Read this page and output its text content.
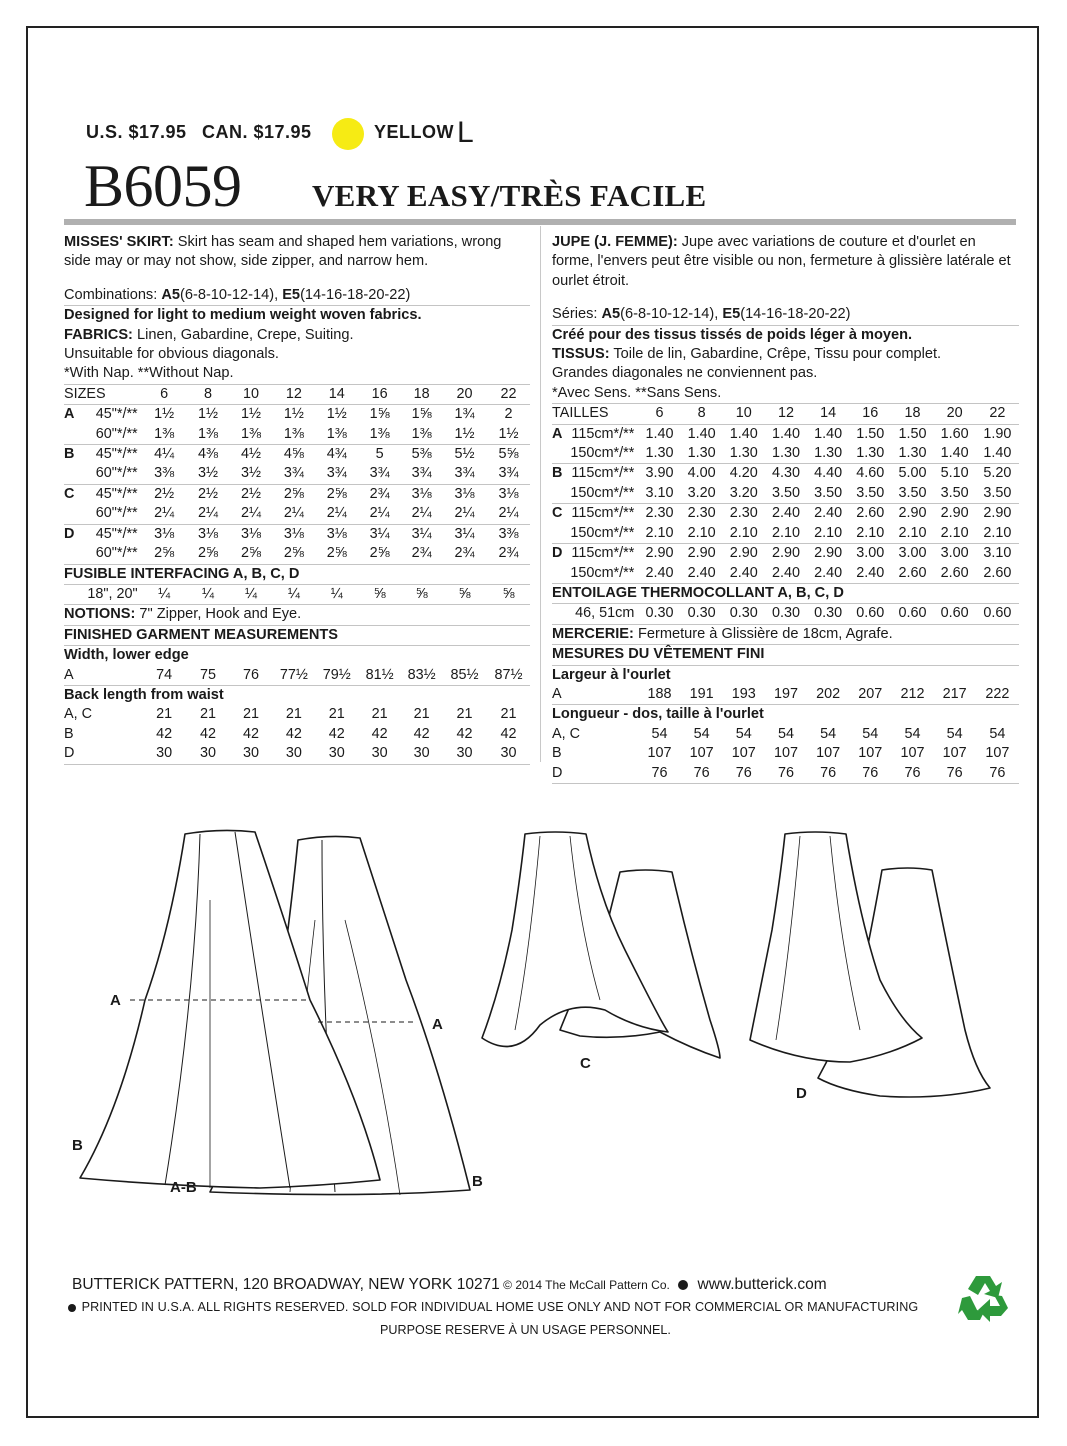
U.S. $17.95 CAN. $17.95	YELLOW L
B6059 VERY EASY/TRÈS FACILE

MISSES' SKIRT: Skirt has seam and shaped hem variations, wrong side may or may not show, side zipper, and narrow hem.

Combinations: A5(6-8-10-12-14), E5(14-16-18-20-22)

Designed for light to medium weight woven fabrics.

FABRICS: Linen, Gabardine, Crepe, Suiting.

Unsuitable for obvious diagonals.

*With Nap. **Without Nap.

SIZES		6	8	10	12	14	16	18	20	22
A	45"*/**	1½	1½	1½	1½	1½	1⅝	1⅝	1¾	2
	60"*/**	1⅜	1⅜	1⅜	1⅜	1⅜	1⅜	1⅜	1½	1½
B	45"*/**	4¼	4⅜	4½	4⅝	4¾	5	5⅜	5½	5⅝
	60"*/**	3⅜	3½	3½	3¾	3¾	3¾	3¾	3¾	3¾
C	45"*/**	2½	2½	2½	2⅝	2⅝	2¾	3⅛	3⅛	3⅛
	60"*/**	2¼	2¼	2¼	2¼	2¼	2¼	2¼	2¼	2¼
D	45"*/**	3⅛	3⅛	3⅛	3⅛	3⅛	3¼	3¼	3¼	3⅜
	60"*/**	2⅝	2⅝	2⅝	2⅝	2⅝	2⅝	2¾	2¾	2¾

FUSIBLE INTERFACING A, B, C, D

18", 20"	¼	¼	¼	¼	¼	⅝	⅝	⅝	⅝

NOTIONS: 7" Zipper, Hook and Eye.

FINISHED GARMENT MEASUREMENTS

Width, lower edge

A	74	75	76	77½	79½	81½	83½	85½	87½

Back length from waist

A, C	21	21	21	21	21	21	21	21	21
B	42	42	42	42	42	42	42	42	42
D	30	30	30	30	30	30	30	30	30

JUPE (J. FEMME): Jupe avec variations de couture et d'ourlet en forme, l'envers peut être visible ou non, fermeture à glissière latérale et ourlet étroit.

Séries: A5(6-8-10-12-14), E5(14-16-18-20-22)

Créé pour des tissus tissés de poids léger à moyen.

TISSUS: Toile de lin, Gabardine, Crêpe, Tissu pour complet.

Grandes diagonales ne conviennent pas.

*Avec Sens. **Sans Sens.

TAILLES		6	8	10	12	14	16	18	20	22
A	115cm*/**	1.40	1.40	1.40	1.40	1.40	1.50	1.50	1.60	1.90
	150cm*/**	1.30	1.30	1.30	1.30	1.30	1.30	1.30	1.40	1.40
B	115cm*/**	3.90	4.00	4.20	4.30	4.40	4.60	5.00	5.10	5.20
	150cm*/**	3.10	3.20	3.20	3.50	3.50	3.50	3.50	3.50	3.50
C	115cm*/**	2.30	2.30	2.30	2.40	2.40	2.60	2.90	2.90	2.90
	150cm*/**	2.10	2.10	2.10	2.10	2.10	2.10	2.10	2.10	2.10
D	115cm*/**	2.90	2.90	2.90	2.90	2.90	3.00	3.00	3.00	3.10
	150cm*/**	2.40	2.40	2.40	2.40	2.40	2.40	2.60	2.60	2.60

ENTOILAGE THERMOCOLLANT A, B, C, D

46, 51cm	0.30	0.30	0.30	0.30	0.30	0.60	0.60	0.60	0.60

MERCERIE: Fermeture à Glissière de 18cm, Agrafe.

MESURES DU VÊTEMENT FINI

Largeur à l'ourlet

A	188	191	193	197	202	207	212	217	222

Longueur - dos, taille à l'ourlet

A, C	54	54	54	54	54	54	54	54	54
B	107	107	107	107	107	107	107	107	107
D	76	76	76	76	76	76	76	76	76
A
A
B
A-B	B
C
D
BUTTERICK PATTERN, 120 BROADWAY, NEW YORK 10271 © 2014 The McCall Pattern Co.  www.butterick.com
PRINTED IN U.S.A. ALL RIGHTS RESERVED. SOLD FOR INDIVIDUAL HOME USE ONLY AND NOT FOR COMMERCIAL OR MANUFACTURING
PURPOSE RESERVE À UN USAGE PERSONNEL.
